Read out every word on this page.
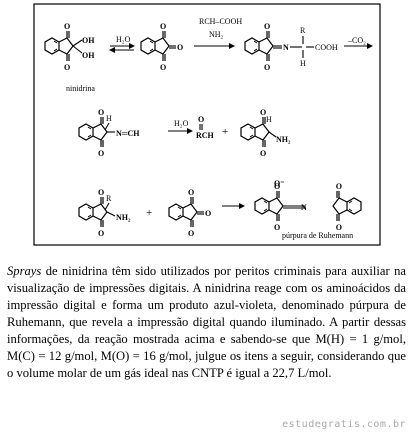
O
OH
OH
ninidrina
H₂O
O
RCH–COOH
NH₂
N
R
H
COOH
–CO₂
H
N═CH
H₂O O
RCH +
H
NH₂
R
NH₂ +	O
N
O⁻
púrpura de Ruhemann

Sprays de ninidrina têm sido utilizados por peritos criminais para auxiliar na visualização de impressões digitais. A ninidrina reage com os aminoácidos da impressão digital e forma um produto azul-violeta, denominado púrpura de Ruhemann, que revela a impressão digital quando iluminado. A partir dessas informações, da reação mostrada acima e sabendo-se que M(H) = 1 g/mol, M(C) = 12 g/mol, M(O) = 16 g/mol, julgue os itens a seguir, considerando que o volume molar de um gás ideal nas CNTP é igual a 22,7 L/mol.

estudegratis.com.br
